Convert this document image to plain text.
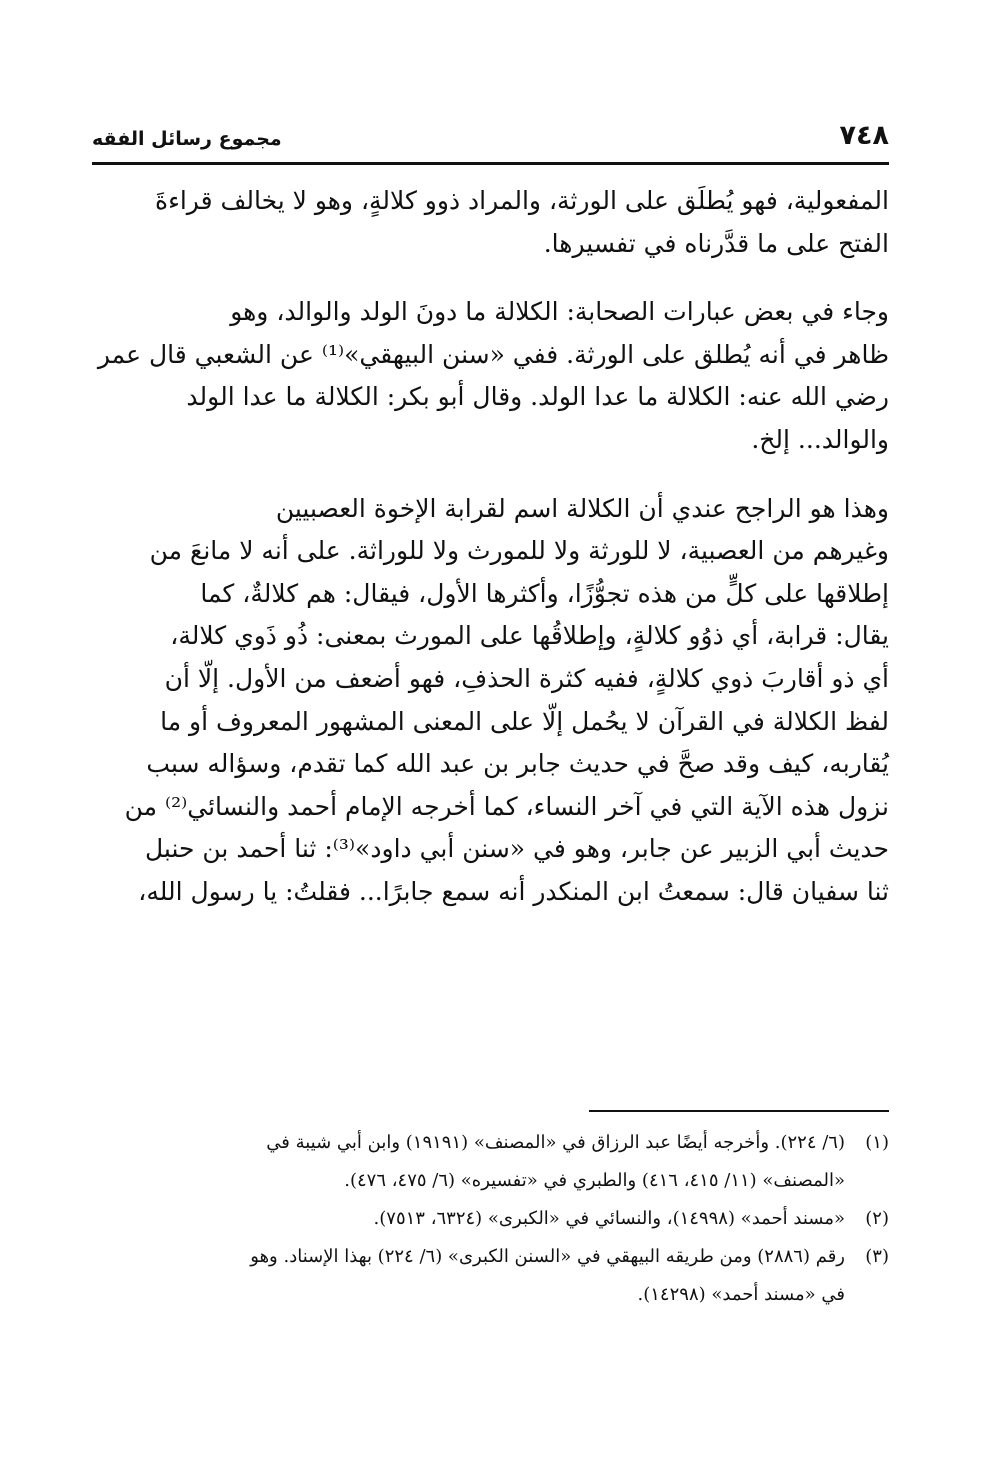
٧٤٨
مجموع رسائل الفقه

المفعولية، فهو يُطلَق على الورثة، والمراد ذوو كلالةٍ، وهو لا يخالف قراءةَ
الفتح على ما قدَّرناه في تفسيرها.

وجاء في بعض عبارات الصحابة: الكلالة ما دونَ الولد والوالد، وهو
ظاهر في أنه يُطلق على الورثة. ففي «سنن البيهقي»⁽¹⁾ عن الشعبي قال عمر
رضي الله عنه: الكلالة ما عدا الولد. وقال أبو بكر: الكلالة ما عدا الولد
والوالد... إلخ.

وهذا هو الراجح عندي أن الكلالة اسم لقرابة الإخوة العصبيين
وغيرهم من العصبية، لا للورثة ولا للمورث ولا للوراثة. على أنه لا مانعَ من
إطلاقها على كلٍّ من هذه تجوُّزًا، وأكثرها الأول، فيقال: هم كلالةٌ، كما
يقال: قرابة، أي ذوُو كلالةٍ، وإطلاقُها على المورث بمعنى: ذُو ذَوي كلالة،
أي ذو أقاربَ ذوي كلالةٍ، ففيه كثرة الحذفِ، فهو أضعف من الأول. إلّا أن
لفظ الكلالة في القرآن لا يحُمل إلّا على المعنى المشهور المعروف أو ما
يُقاربه، كيف وقد صحَّ في حديث جابر بن عبد الله كما تقدم، وسؤاله سبب
نزول هذه الآية التي في آخر النساء، كما أخرجه الإمام أحمد والنسائي⁽²⁾ من
حديث أبي الزبير عن جابر، وهو في «سنن أبي داود»⁽³⁾: ثنا أحمد بن حنبل
ثنا سفيان قال: سمعتُ ابن المنكدر أنه سمع جابرًا... فقلتُ: يا رسول الله،

(١)
(٦/ ٢٢٤). وأخرجه أيضًا عبد الرزاق في «المصنف» (١٩١٩١) وابن أبي شيبة في
«المصنف» (١١/ ٤١٥، ٤١٦) والطبري في «تفسيره» (٦/ ٤٧٥، ٤٧٦).
(٢)
«مسند أحمد» (١٤٩٩٨)، والنسائي في «الكبرى» (٦٣٢٤، ٧٥١٣).
(٣)
رقم (٢٨٨٦) ومن طريقه البيهقي في «السنن الكبرى» (٦/ ٢٢٤) بهذا الإسناد. وهو
في «مسند أحمد» (١٤٢٩٨).
